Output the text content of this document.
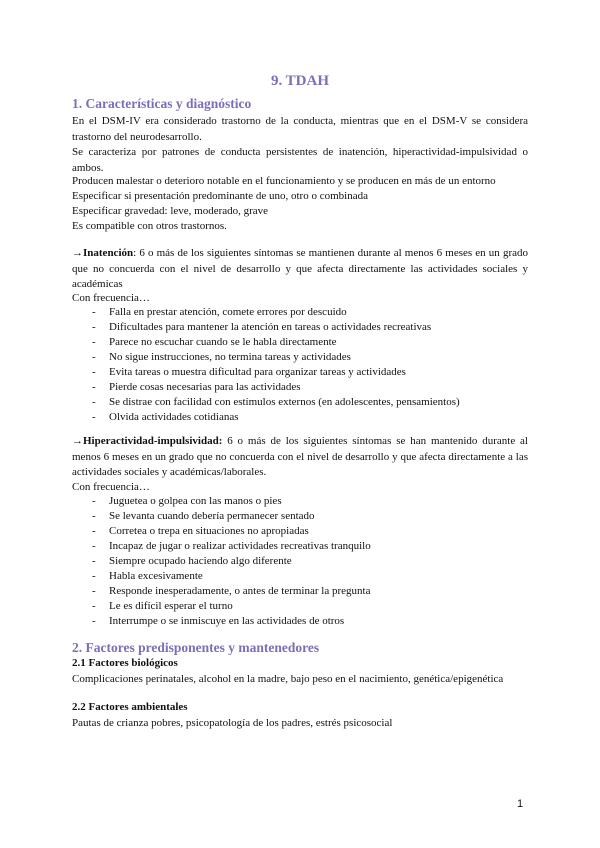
9. TDAH
1. Características y diagnóstico
En el DSM-IV era considerado trastorno de la conducta, mientras que en el DSM-V se considera trastorno del neurodesarrollo.
Se caracteriza por patrones de conducta persistentes de inatención, hiperactividad-impulsividad o ambos.
Producen malestar o deterioro notable en el funcionamiento y se producen en más de un entorno
Especificar si presentación predominante de uno, otro o combinada
Especificar gravedad: leve, moderado, grave
Es compatible con otros trastornos.
→Inatención: 6 o más de los siguientes síntomas se mantienen durante al menos 6 meses en un grado que no concuerda con el nivel de desarrollo y que afecta directamente las actividades sociales y académicas
Con frecuencia…
- Falla en prestar atención, comete errores por descuido
- Dificultades para mantener la atención en tareas o actividades recreativas
- Parece no escuchar cuando se le habla directamente
- No sigue instrucciones, no termina tareas y actividades
- Evita tareas o muestra dificultad para organizar tareas y actividades
- Pierde cosas necesarias para las actividades
- Se distrae con facilidad con estímulos externos (en adolescentes, pensamientos)
- Olvida actividades cotidianas
→Hiperactividad-impulsividad: 6 o más de los siguientes síntomas se han mantenido durante al menos 6 meses en un grado que no concuerda con el nivel de desarrollo y que afecta directamente a las actividades sociales y académicas/laborales.
Con frecuencia…
- Juguetea o golpea con las manos o pies
- Se levanta cuando debería permanecer sentado
- Corretea o trepa en situaciones no apropiadas
- Incapaz de jugar o realizar actividades recreativas tranquilo
- Siempre ocupado haciendo algo diferente
- Habla excesivamente
- Responde inesperadamente, o antes de terminar la pregunta
- Le es difícil esperar el turno
- Interrumpe o se inmiscuye en las actividades de otros
2. Factores predisponentes y mantenedores
2.1 Factores biológicos
Complicaciones perinatales, alcohol en la madre, bajo peso en el nacimiento, genética/epigenética
2.2 Factores ambientales
Pautas de crianza pobres, psicopatología de los padres, estrés psicosocial
1
